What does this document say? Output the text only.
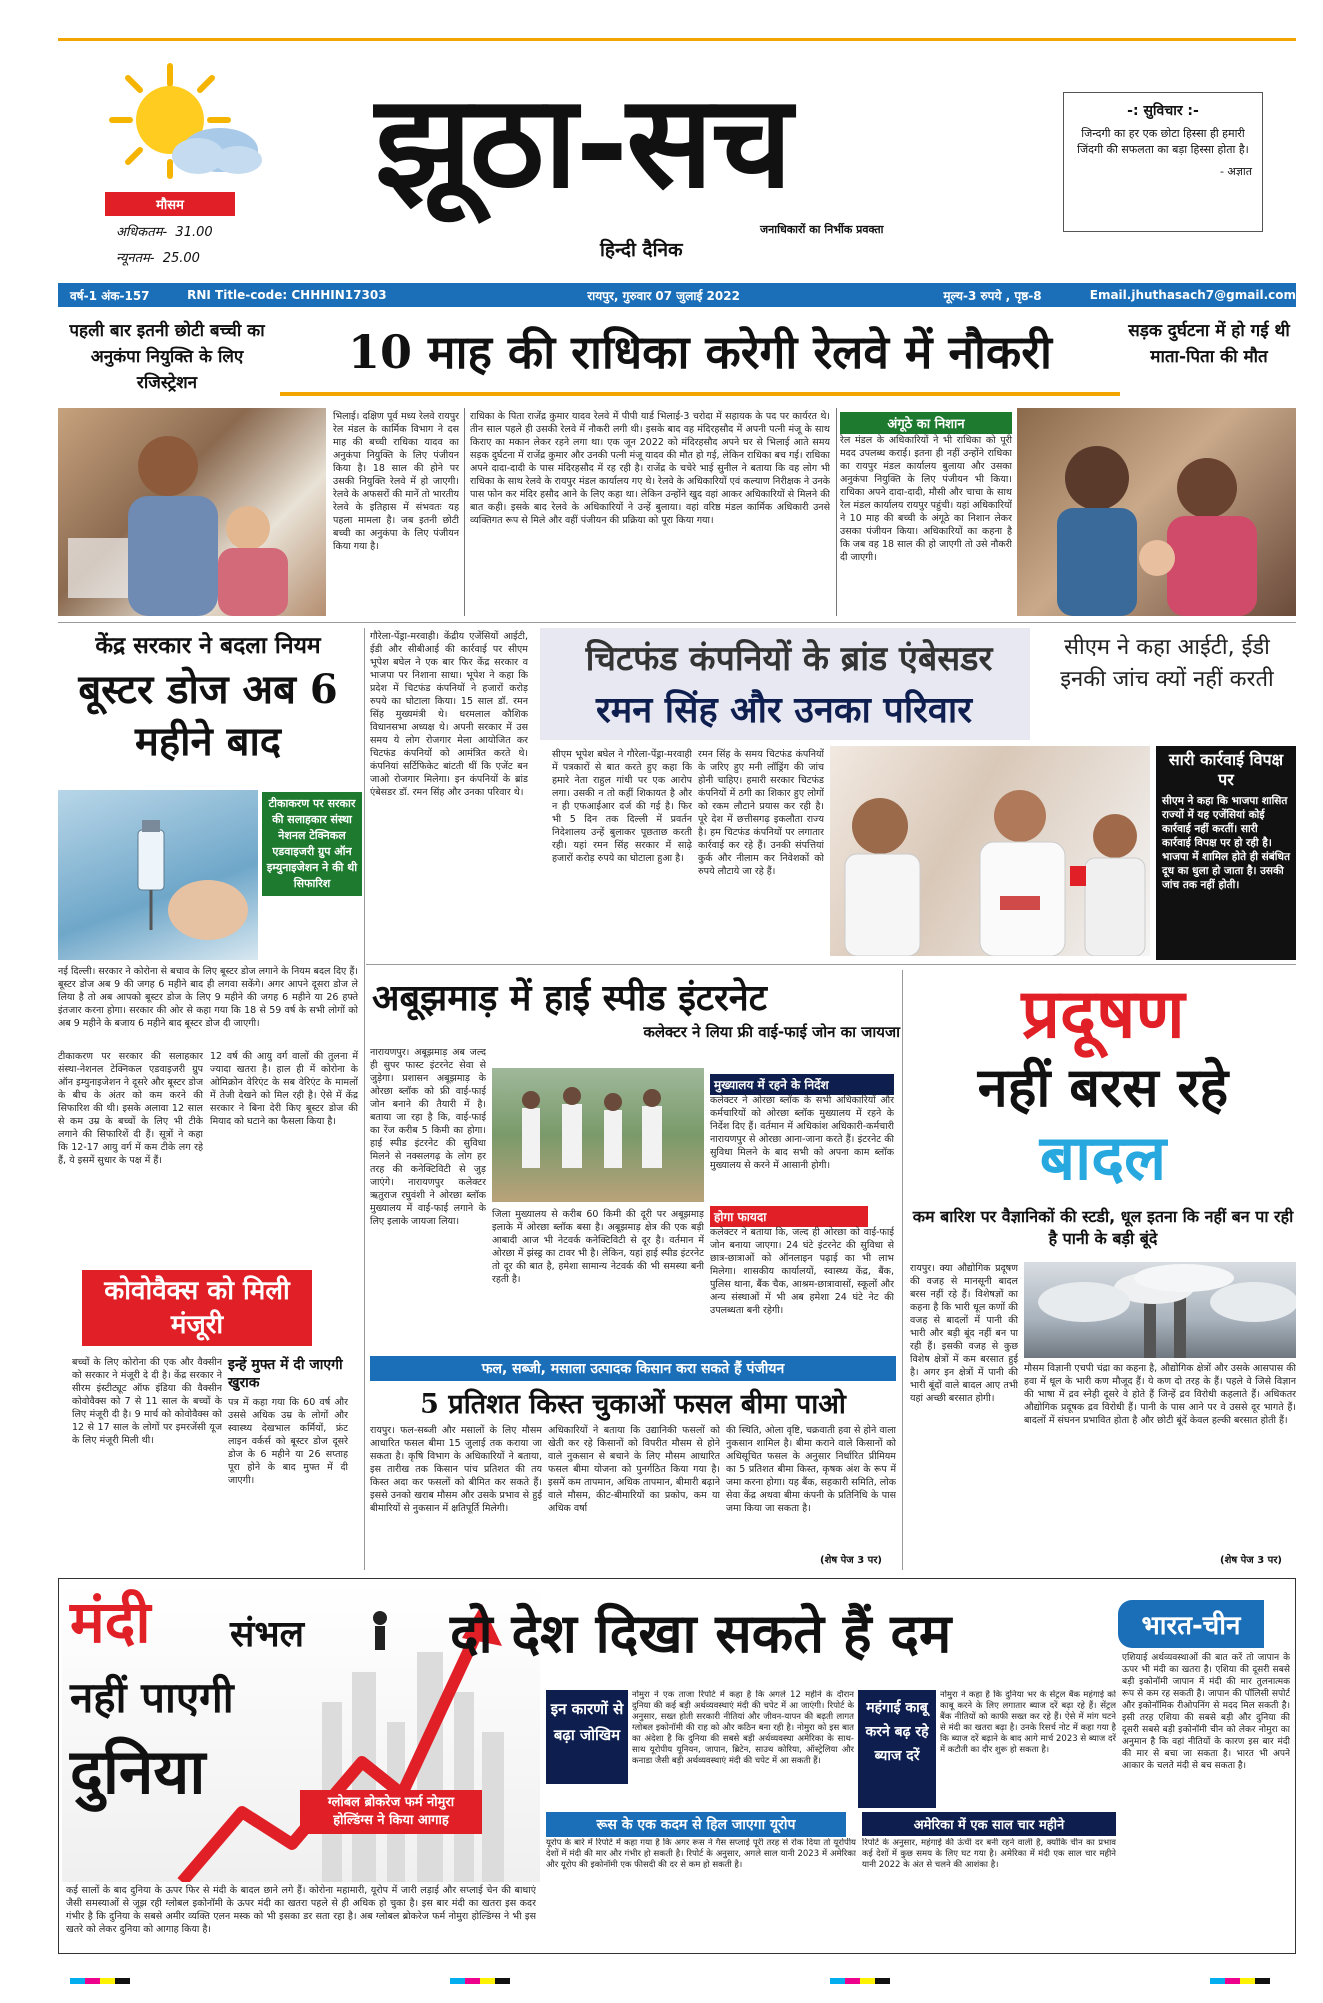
मौसम
अधिकतम- 31.00
न्यूनतम- 25.00
झूठा-सच
हिन्दी दैनिक
जनाधिकारों का निर्भीक प्रवक्ता
-: सुविचार :-
जिन्दगी का हर एक छोटा हिस्सा ही हमारी जिंदगी की सफलता का बड़ा हिस्सा होता है।
- अज्ञात
वर्ष-1 अंक-157	RNI Title-code: CHHHIN17303	रायपुर, गुरुवार 07 जुलाई 2022	मूल्य-3 रुपये , पृष्ठ-8	Email.jhuthasach7@gmail.com
पहली बार इतनी छोटी बच्ची का अनुकंपा नियुक्ति के लिए रजिस्ट्रेशन
10 माह की राधिका करेगी रेलवे में नौकरी	सड़क दुर्घटना में हो गई थी माता-पिता की मौत
भिलाई। दक्षिण पूर्व मध्य रेलवे रायपुर रेल मंडल के कार्मिक विभाग ने दस माह की बच्ची राधिका यादव का अनुकंपा नियुक्ति के लिए पंजीयन किया है। 18 साल की होने पर उसकी नियुक्ति रेलवे में हो जाएगी। रेलवे के अफसरों की मानें तो भारतीय रेलवे के इतिहास में संभवतः यह पहला मामला है। जब इतनी छोटी बच्ची का अनुकंपा के लिए पंजीयन किया गया है।
राधिका के पिता राजेंद्र कुमार यादव रेलवे में पीपी यार्ड भिलाई-3 चरोदा में सहायक के पद पर कार्यरत थे। तीन साल पहले ही उसकी रेलवे में नौकरी लगी थी। इसके बाद वह मंदिरहसौद में अपनी पत्नी मंजू के साथ किराए का मकान लेकर रहने लगा था। एक जून 2022 को मंदिरहसौद अपने घर से भिलाई आते समय सड़क दुर्घटना में राजेंद्र कुमार और उनकी पत्नी मंजू यादव की मौत हो गई, लेकिन राधिका बच गई। राधिका अपने दादा-दादी के पास मंदिरहसौद में रह रही है। राजेंद्र के चचेरे भाई सुनील ने बताया कि वह लोग भी राधिका के साथ रेलवे के रायपुर मंडल कार्यालय गए थे। रेलवे के अधिकारियों एवं कल्याण निरीक्षक ने उनके पास फोन कर मंदिर हसौद आने के लिए कहा था। लेकिन उन्होंने खुद वहां आकर अधिकारियों से मिलने की बात कही। इसके बाद रेलवे के अधिकारियों ने उन्हें बुलाया। वहां वरिष्ठ मंडल कार्मिक अधिकारी उनसे व्यक्तिगत रूप से मिले और वहीं पंजीयन की प्रक्रिया को पूरा किया गया।
अंगूठे का निशान
रेल मंडल के अधिकारियों ने भी राधिका को पूरी मदद उपलब्ध कराई। इतना ही नहीं उन्होंने राधिका का रायपुर मंडल कार्यालय बुलाया और उसका अनुकंपा नियुक्ति के लिए पंजीयन भी किया। राधिका अपने दादा-दादी, मौसी और चाचा के साथ रेल मंडल कार्यालय रायपुर पहुंची। यहां अधिकारियों ने 10 माह की बच्ची के अंगूठे का निशान लेकर उसका पंजीयन किया। अधिकारियों का कहना है कि जब वह 18 साल की हो जाएगी तो उसे नौकरी दी जाएगी।
केंद्र सरकार ने बदला नियम
बूस्टर डोज अब 6 महीने बाद
टीकाकरण पर सरकार की सलाहकार संस्था नेशनल टेक्निकल एडवाइजरी ग्रुप ऑन इम्युनाइजेशन ने की थी सिफारिश
नई दिल्ली। सरकार ने कोरोना से बचाव के लिए बूस्टर डोज लगाने के नियम बदल दिए हैं। बूस्टर डोज अब 9 की जगह 6 महीने बाद ही लगवा सकेंगे। अगर आपने दूसरा डोज ले लिया है तो अब आपको बूस्टर डोज के लिए 9 महीने की जगह 6 महीने या 26 हफ्ते इंतजार करना होगा। सरकार की ओर से कहा गया कि 18 से 59 वर्ष के सभी लोगों को अब 9 महीने के बजाय 6 महीने बाद बूस्टर डोज दी जाएगी।
टीकाकरण पर सरकार की सलाहकार संस्था-नेशनल टेक्निकल एडवाइजरी ग्रुप ऑन इम्युनाइजेशन ने दूसरे और बूस्टर डोज के बीच के अंतर को कम करने की सिफारिश की थी। इसके अलावा 12 साल से कम उम्र के बच्चों के लिए भी टीके लगाने की सिफारिशें दी हैं। सूत्रों ने कहा कि 12-17 आयु वर्ग में कम टीके लग रहे हैं, ये इसमें सुधार के पक्ष में हैं।
12 वर्ष की आयु वर्ग वालों की तुलना में ज्यादा खतरा है। हाल ही में कोरोना के ओमिक्रोन वेरिएंट के सब वेरिएंट के मामलों में तेजी देखने को मिल रही है। ऐसे में केंद्र सरकार ने बिना देरी किए बूस्टर डोज की मियाद को घटाने का फैसला किया है।
कोवोवैक्स को मिली मंजूरी
बच्चों के लिए कोरोना की एक और वैक्सीन को सरकार ने मंजूरी दे दी है। केंद्र सरकार ने सीरम इंस्टीट्यूट ऑफ इंडिया की वैक्सीन कोवोवैक्स को 7 से 11 साल के बच्चों के लिए मंजूरी दी है। 9 मार्च को कोवोवैक्स को 12 से 17 साल के लोगों पर इमरजेंसी यूज के लिए मंजूरी मिली थी।
इन्हें मुफ्त में दी जाएगी खुराक
पत्र में कहा गया कि 60 वर्ष और उससे अधिक उम्र के लोगों और स्वास्थ्य देखभाल कर्मियों, फ्रंट लाइन वर्कर्स को बूस्टर डोज दूसरे डोज के 6 महीने या 26 सप्ताह पूरा होने के बाद मुफ्त में दी जाएगी।
गौरेला-पेंड्रा-मरवाही। केंद्रीय एजेंसियों आईटी, ईडी और सीबीआई की कार्रवाई पर सीएम भूपेश बघेल ने एक बार फिर केंद्र सरकार व भाजपा पर निशाना साधा। भूपेश ने कहा कि प्रदेश में चिटफंड कंपनियों ने हजारों करोड़ रुपये का घोटाला किया। 15 साल डॉ. रमन सिंह मुख्यमंत्री थे। धरमलाल कौशिक विधानसभा अध्यक्ष थे। अपनी सरकार में उस समय ये लोग रोजगार मेला आयोजित कर चिटफंड कंपनियों को आमंत्रित करते थे। कंपनियां सर्टिफिकेट बांटती थीं कि एजेंट बन जाओ रोजगार मिलेगा। इन कंपनियों के ब्रांड एंबेसडर डॉ. रमन सिंह और उनका परिवार थे।
चिटफंड कंपनियों के ब्रांड एंबेसडर
रमन सिंह और उनका परिवार
सीएम ने कहा आईटी, ईडी इनकी जांच क्यों नहीं करती
सीएम भूपेश बघेल ने गौरेला-पेंड्रा-मरवाही में पत्रकारों से बात करते हुए कहा कि हमारे नेता राहुल गांधी पर एक आरोप लगा। उसकी न तो कहीं शिकायत है और न ही एफआईआर दर्ज की गई है। फिर भी 5 दिन तक दिल्ली में प्रवर्तन निदेशालय उन्हें बुलाकर पूछताछ करती रही। यहां रमन सिंह सरकार में साढ़े हजारों करोड़ रुपये का घोटाला हुआ है।
रमन सिंह के समय चिटफंड कंपनियों के जरिए हुए मनी लॉड्रिंग की जांच होनी चाहिए। हमारी सरकार चिटफंड कंपनियों में ठगी का शिकार हुए लोगों को रकम लौटाने प्रयास कर रही है। पूरे देश में छत्तीसगढ़ इकलौता राज्य है। हम चिटफंड कंपनियों पर लगातार कार्रवाई कर रहे हैं। उनकी संपत्तियां कुर्क और नीलाम कर निवेशकों को रुपये लौटाये जा रहे हैं।
सारी कार्रवाई विपक्ष पर
सीएम ने कहा कि भाजपा शासित राज्यों में यह एजेंसियां कोई कार्रवाई नहीं करतीं। सारी कार्रवाई विपक्ष पर हो रही है। भाजपा में शामिल होते ही संबंधित दूध का धुला हो जाता है। उसकी जांच तक नहीं होती।
अबूझमाड़ में हाई स्पीड इंटरनेट
कलेक्टर ने लिया फ्री वाई-फाई जोन का जायजा
नारायणपुर। अबूझमाड़ अब जल्द ही सुपर फास्ट इंटरनेट सेवा से जुड़ेगा। प्रशासन अबूझमाड़ के ओरछा ब्लॉक को फ्री वाई-फाई जोन बनाने की तैयारी में है। बताया जा रहा है कि, वाई-फाई का रेंज करीब 5 किमी का होगा। हाई स्पीड इंटरनेट की सुविधा मिलने से नक्सलगढ़ के लोग हर तरह की कनेक्टिविटी से जुड़ जाएंगे। नारायणपुर कलेक्टर ऋतुराज रघुवंशी ने ओरछा ब्लॉक मुख्यालय में वाई-फाई लगाने के लिए इलाके जायजा लिया।
मुख्यालय में रहने के निर्देश
कलेक्टर ने ओरछा ब्लॉक के सभी अधिकारियों और कर्मचारियों को ओरछा ब्लॉक मुख्यालय में रहने के निर्देश दिए हैं। वर्तमान में अधिकांश अधिकारी-कर्मचारी नारायणपुर से ओरछा आना-जाना करते हैं। इंटरनेट की सुविधा मिलने के बाद सभी को अपना काम ब्लॉक मुख्यालय से करने में आसानी होगी।
जिला मुख्यालय से करीब 60 किमी की दूरी पर अबूझमाड़ इलाके में ओरछा ब्लॉक बसा है। अबूझमाड़ क्षेत्र की एक बड़ी आबादी आज भी नेटवर्क कनेक्टिविटी से दूर है। वर्तमान में ओरछा में झंस्ड्र का टावर भी है। लेकिन, यहां हाई स्पीड इंटरनेट तो दूर की बात है, हमेशा सामान्य नेटवर्क की भी समस्या बनी रहती है।
होगा फायदा
कलेक्टर ने बताया कि, जल्द ही ओरछा को वाई-फाई जोन बनाया जाएगा। 24 घंटे इंटरनेट की सुविधा से छात्र-छात्राओं को ऑनलाइन पढ़ाई का भी लाभ मिलेगा। शासकीय कार्यालयों, स्वास्थ्य केंद्र, बैंक, पुलिस थाना, बैंक चैक, आश्रम-छात्रावासों, स्कूलों और अन्य संस्थाओं में भी अब हमेशा 24 घंटे नेट की उपलब्धता बनी रहेगी।
फल, सब्जी, मसाला उत्पादक किसान करा सकते हैं पंजीयन
5 प्रतिशत किस्त चुकाओं फसल बीमा पाओ
रायपुर। फल-सब्जी और मसालों के लिए मौसम आधारित फसल बीमा 15 जुलाई तक कराया जा सकता है। कृषि विभाग के अधिकारियों ने बताया, इस तारीख तक किसान पांच प्रतिशत की तय किस्त अदा कर फसलों को बीमित कर सकते हैं। इससे उनको खराब मौसम और उसके प्रभाव से हुई बीमारियों से नुकसान में क्षतिपूर्ति मिलेगी।
अधिकारियों ने बताया कि उद्यानिकी फसलों को खेती कर रहे किसानों को विपरीत मौसम से होने वाले नुकसान से बचाने के लिए मौसम आधारित फसल बीमा योजना को पुनर्गठित किया गया है। इसमें कम तापमान, अधिक तापमान, बीमारी बढ़ाने वाले मौसम, कीट-बीमारियों का प्रकोप, कम या अधिक वर्षा
की स्थिति, ओला वृष्टि, चक्रवाती हवा से होने वाला नुकसान शामिल है। बीमा कराने वाले किसानों को अधिसूचित फसल के अनुसार निर्धारित प्रीमियम का 5 प्रतिशत बीमा किस्त, कृषक अंश के रूप में जमा करना होगा। यह बैंक, सहकारी समिति, लोक सेवा केंद्र अथवा बीमा कंपनी के प्रतिनिधि के पास जमा किया जा सकता है।
(शेष पेज 3 पर)
प्रदूषण
नहीं बरस रहे
बादल
कम बारिश पर वैज्ञानिकों की स्टडी, धूल इतना कि नहीं बन पा रही है पानी के बड़ी बूंदे
रायपुर। क्या औद्योगिक प्रदूषण की वजह से मानसूनी बादल बरस नहीं रहे हैं। विशेषज्ञों का कहना है कि भारी धूल कणों की वजह से बादलों में पानी की भारी और बड़ी बूंद नहीं बन पा रही हैं। इसकी वजह से कुछ विशेष क्षेत्रों में कम बरसात हुई है। अगर इन क्षेत्रों में पानी की भारी बूंदों वाले बादल आए तभी यहां अच्छी बरसात होगी।
मौसम विज्ञानी एचपी चंद्रा का कहना है, औद्योगिक क्षेत्रों और उसके आसपास की हवा में धूल के भारी कण मौजूद हैं। ये कण दो तरह के हैं। पहले वे जिसे विज्ञान की भाषा में द्रव स्नेही दूसरे वे होते हैं जिन्हें द्रव विरोधी कहलाते हैं। अधिकतर औद्योगिक प्रदूषक द्रव विरोधी हैं। पानी के पास आने पर वे उससे दूर भागते हैं। बादलों में संघनन प्रभावित होता है और छोटी बूंदें केवल हल्की बरसात होती हैं।
(शेष पेज 3 पर)
मंदी संभल
नहीं पाएगी
दुनिया	ग्लोबल ब्रोकरेज फर्म नोमुरा होल्डिंग्स ने किया आगाह
कई सालों के बाद दुनिया के ऊपर फिर से मंदी के बादल छाने लगे हैं। कोरोना महामारी, यूरोप में जारी लड़ाई और सप्लाई चेन की बाधाएं जैसी समस्याओं से जूझ रही ग्लोबल इकोनॉमी के ऊपर मंदी का खतरा पहले से ही अधिक हो चुका है। इस बार मंदी का खतरा इस कदर गंभीर है कि दुनिया के सबसे अमीर व्यक्ति एलन मस्क को भी इसका डर सता रहा है। अब ग्लोबल ब्रोकरेज फर्म नोमुरा होल्डिंग्स ने भी इस खतरे को लेकर दुनिया को आगाह किया है।
दो देश दिखा सकते हैं दम	भारत-चीन
इन कारणों से बढ़ा जोखिम
नोमुरा ने एक ताजा रिपोर्ट में कहा है कि अगले 12 महीने के दौरान दुनिया की कई बड़ी अर्थव्यवस्थाएं मंदी की चपेट में आ जाएंगी। रिपोर्ट के अनुसार, सख्त होती सरकारी नीतियां और जीवन-यापन की बढ़ती लागत ग्लोबल इकोनॉमी की राह को और कठिन बना रही है। नोमुरा को इस बात का अंदेशा है कि दुनिया की सबसे बड़ी अर्थव्यवस्था अमेरिका के साथ-साथ यूरोपीय यूनियन, जापान, ब्रिटेन, साउथ कोरिया, ऑस्ट्रेलिया और कनाडा जैसी बड़ी अर्थव्यवस्थाएं मंदी की चपेट में आ सकती हैं।
महंगाई काबू करने बढ़ रहे ब्याज दरें
नोमुरा ने कहा है कि दुनिया भर के सेंट्रल बैंक महंगाई को काबू करने के लिए लगातार ब्याज दरें बढ़ा रहे हैं। सेंट्रल बैंक नीतियों को काफी सख्त कर रहे हैं। ऐसे में मांग घटने से मंदी का खतरा बढ़ा है। उनके रिसर्च नोट में कहा गया है कि ब्याज दरें बढ़ाने के बाद आगे मार्च 2023 से ब्याज दरें में कटौती का दौर शुरू हो सकता है।
रूस के एक कदम से हिल जाएगा यूरोप
यूरोप के बारे में रिपोर्ट में कहा गया है कि अगर रूस ने गैस सप्लाई पूरी तरह से रोक दिया तो यूरोपीय देशों में मंदी की मार और गंभीर हो सकती है। रिपोर्ट के अनुसार, अगले साल यानी 2023 में अमेरिका और यूरोप की इकोनॉमी एक फीसदी की दर से कम हो सकती है।
अमेरिका में एक साल चार महीने
रिपोर्ट के अनुसार, महंगाई की ऊंची दर बनी रहने वाली है, क्योंकि चीन का प्रभाव कई देशों में कुछ समय के लिए घट गया है। अमेरिका में मंदी एक साल चार महीने यानी 2022 के अंत से चलने की आशंका है।
एशियाई अर्थव्यवस्थाओं की बात करें तो जापान के ऊपर भी मंदी का खतरा है। एशिया की दूसरी सबसे बड़ी इकोनॉमी जापान में मंदी की मार तुलनात्मक रूप से कम रह सकती है। जापान की पॉलिसी सपोर्ट और इकोनॉमिक रीओपनिंग से मदद मिल सकती है। इसी तरह एशिया की सबसे बड़ी और दुनिया की दूसरी सबसे बड़ी इकोनॉमी चीन को लेकर नोमुरा का अनुमान है कि वहां नीतियों के कारण इस बार मंदी की मार से बचा जा सकता है। भारत भी अपने आकार के चलते मंदी से बच सकता है।
